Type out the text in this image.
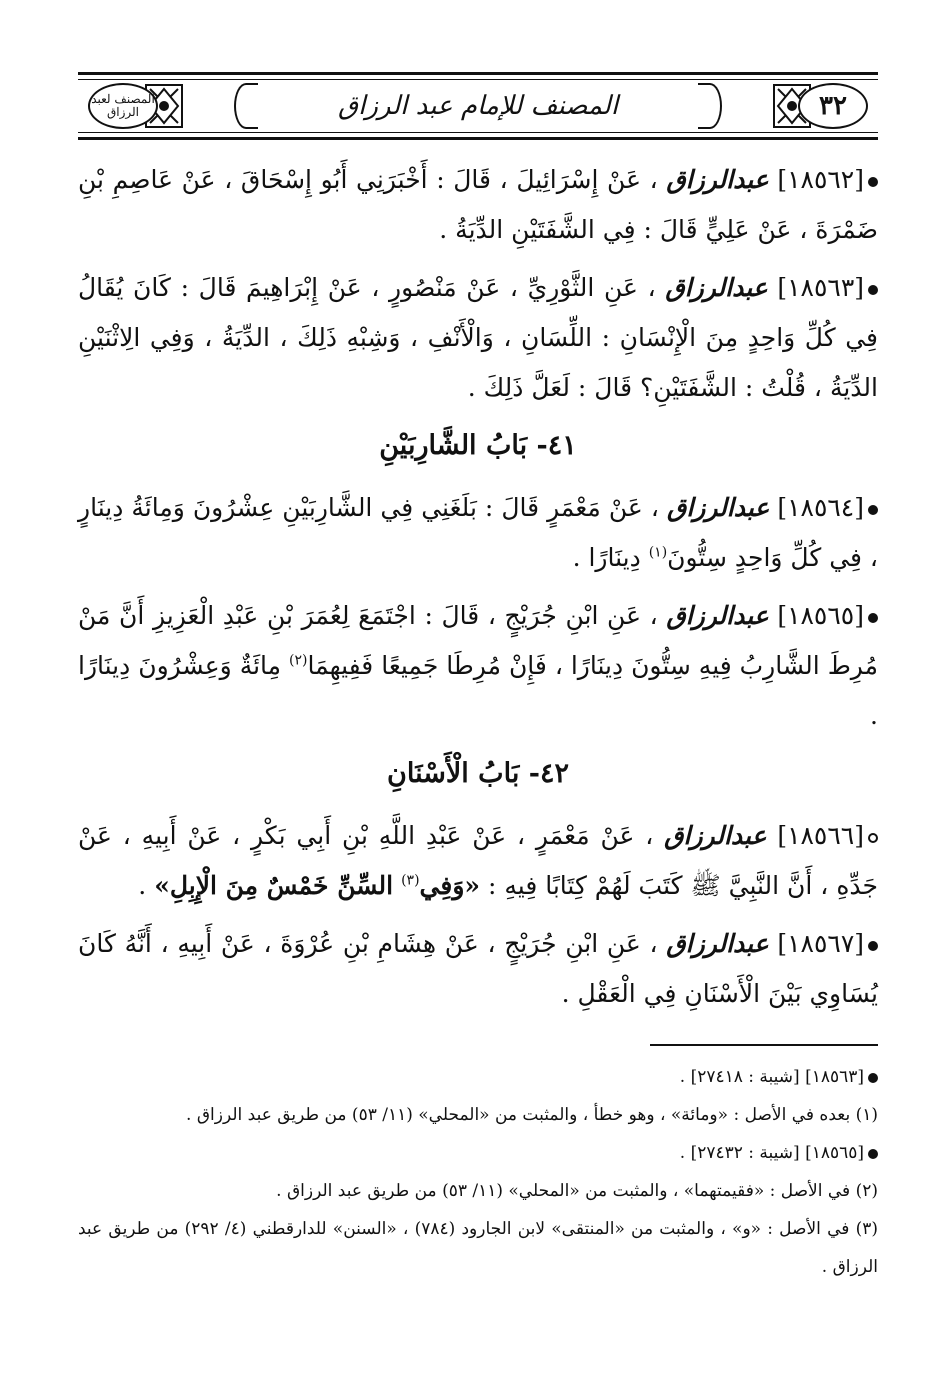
المصنف لعبد الرزاق	المصنف للإمام عبد الرزاق	٣٢

[١٨٥٦٢] عبدالرزاق ، عَنْ إِسْرَائِيلَ ، قَالَ : أَخْبَرَنِي أَبُو إِسْحَاقَ ، عَنْ عَاصِمِ بْنِ ضَمْرَةَ ، عَنْ عَلِيٍّ قَالَ : فِي الشَّفَتَيْنِ الدِّيَةُ .

[١٨٥٦٣] عبدالرزاق ، عَنِ الثَّوْرِيِّ ، عَنْ مَنْصُورٍ ، عَنْ إِبْرَاهِيمَ قَالَ : كَانَ يُقَالُ فِي كُلِّ وَاحِدٍ مِنَ الْإِنْسَانِ : اللِّسَانِ ، وَالْأَنْفِ ، وَشِبْهِ ذَلِكَ ، الدِّيَةُ ، وَفِي الِاثْنَيْنِ الدِّيَةُ ، قُلْتُ : الشَّفَتَيْنِ؟ قَالَ : لَعَلَّ ذَلِكَ .

٤١- بَابُ الشَّارِبَيْنِ

[١٨٥٦٤] عبدالرزاق ، عَنْ مَعْمَرٍ قَالَ : بَلَغَنِي فِي الشَّارِبَيْنِ عِشْرُونَ وَمِائَةُ دِينَارٍ ، فِي كُلِّ وَاحِدٍ سِتُّونَ$^{(١)}$ دِينَارًا .

[١٨٥٦٥] عبدالرزاق ، عَنِ ابْنِ جُرَيْجٍ ، قَالَ : اجْتَمَعَ لِعُمَرَ بْنِ عَبْدِ الْعَزِيزِ أَنَّ مَنْ مُرِطَ الشَّارِبُ فِيهِ سِتُّونَ دِينَارًا ، فَإِنْ مُرِطَا جَمِيعًا فَفِيهِمَا$^{(٢)}$ مِائَةٌ وَعِشْرُونَ دِينَارًا .

٤٢- بَابُ الْأَسْنَانِ

[١٨٥٦٦] عبدالرزاق ، عَنْ مَعْمَرٍ ، عَنْ عَبْدِ اللَّهِ بْنِ أَبِي بَكْرٍ ، عَنْ أَبِيهِ ، عَنْ جَدِّهِ ، أَنَّ النَّبِيَّ ﷺ كَتَبَ لَهُمْ كِتَابًا فِيهِ : «وَفِي$^{(٣)}$ السِّنِّ خَمْسٌ مِنَ الْإِبِلِ» .

[١٨٥٦٧] عبدالرزاق ، عَنِ ابْنِ جُرَيْجٍ ، عَنْ هِشَامِ بْنِ عُرْوَةَ ، عَنْ أَبِيهِ ، أَنَّهُ كَانَ يُسَاوِي بَيْنَ الْأَسْنَانِ فِي الْعَقْلِ .

[١٨٥٦٣] [شيبة : ٢٧٤١٨] .

(١) بعده في الأصل : «ومائة» ، وهو خطأ ، والمثبت من «المحلي» (١١/ ٥٣) من طريق عبد الرزاق .

[١٨٥٦٥] [شيبة : ٢٧٤٣٢] .

(٢) في الأصل : «فقيمتهما» ، والمثبت من «المحلي» (١١/ ٥٣) من طريق عبد الرزاق .

(٣) في الأصل : «و» ، والمثبت من «المنتقى» لابن الجارود (٧٨٤) ، «السنن» للدارقطني (٤/ ٢٩٢) من طريق عبد الرزاق .
